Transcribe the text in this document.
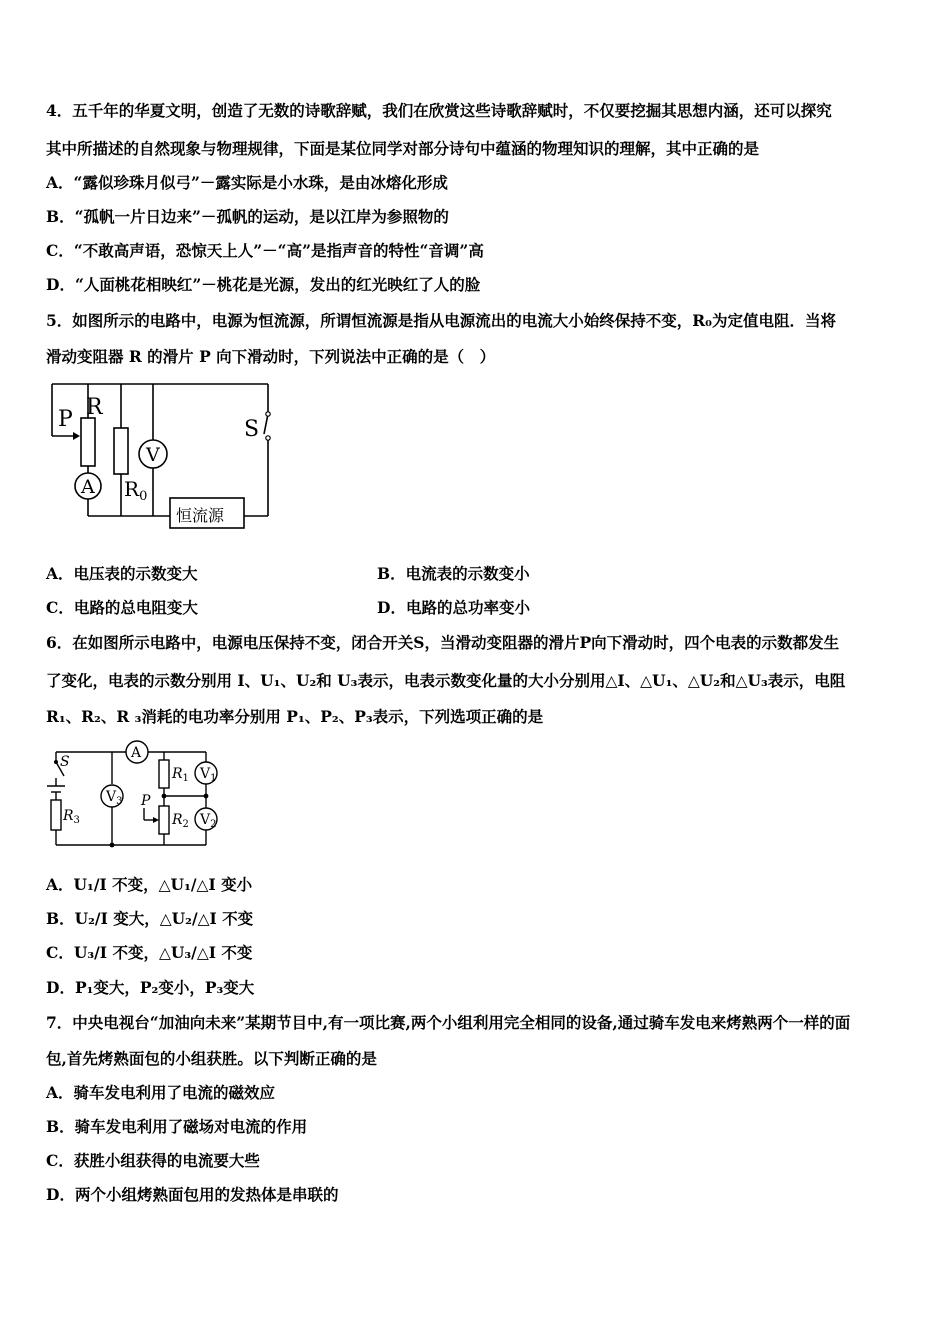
4．五千年的华夏文明，创造了无数的诗歌辞赋，我们在欣赏这些诗歌辞赋时，不仅要挖掘其思想内涵，还可以探究
其中所描述的自然现象与物理规律，下面是某位同学对部分诗句中蕴涵的物理知识的理解，其中正确的是
A．“露似珍珠月似弓”－露实际是小水珠，是由冰熔化形成
B．“孤帆一片日边来”－孤帆的运动，是以江岸为参照物的
C．“不敢高声语，恐惊天上人”－“高”是指声音的特性“音调”高
D．“人面桃花相映红”－桃花是光源，发出的红光映红了人的脸
5．如图所示的电路中，电源为恒流源，所谓恒流源是指从电源流出的电流大小始终保持不变，R₀为定值电阻．当将
滑动变阻器 R 的滑片 P 向下滑动时，下列说法中正确的是（　）
P R
A
V
$R_0$
S
恒流源
A．电压表的示数变大	B．电流表的示数变小
C．电路的总电阻变大	D．电路的总功率变小
6．在如图所示电路中，电源电压保持不变，闭合开关S，当滑动变阻器的滑片P向下滑动时，四个电表的示数都发生
了变化，电表的示数分别用 I、U₁、U₂和 U₃表示，电表示数变化量的大小分别用△I、△U₁、△U₂和△U₃表示，电阻
R₁、R₂、R ₃消耗的电功率分别用 P₁、P₂、P₃表示，下列选项正确的是
S
A
$V_3$
$V_1$
$V_2$
$R_1$
$R_2$
$R_3$
P
A．U₁/I 不变，△U₁/△I 变小
B．U₂/I 变大，△U₂/△I 不变
C．U₃/I 不变，△U₃/△I 不变
D．P₁变大，P₂变小，P₃变大
7．中央电视台“加油向未来”某期节目中,有一项比赛,两个小组利用完全相同的设备,通过骑车发电来烤熟两个一样的面
包,首先烤熟面包的小组获胜。以下判断正确的是
A．骑车发电利用了电流的磁效应
B．骑车发电利用了磁场对电流的作用
C．获胜小组获得的电流要大些
D．两个小组烤熟面包用的发热体是串联的
